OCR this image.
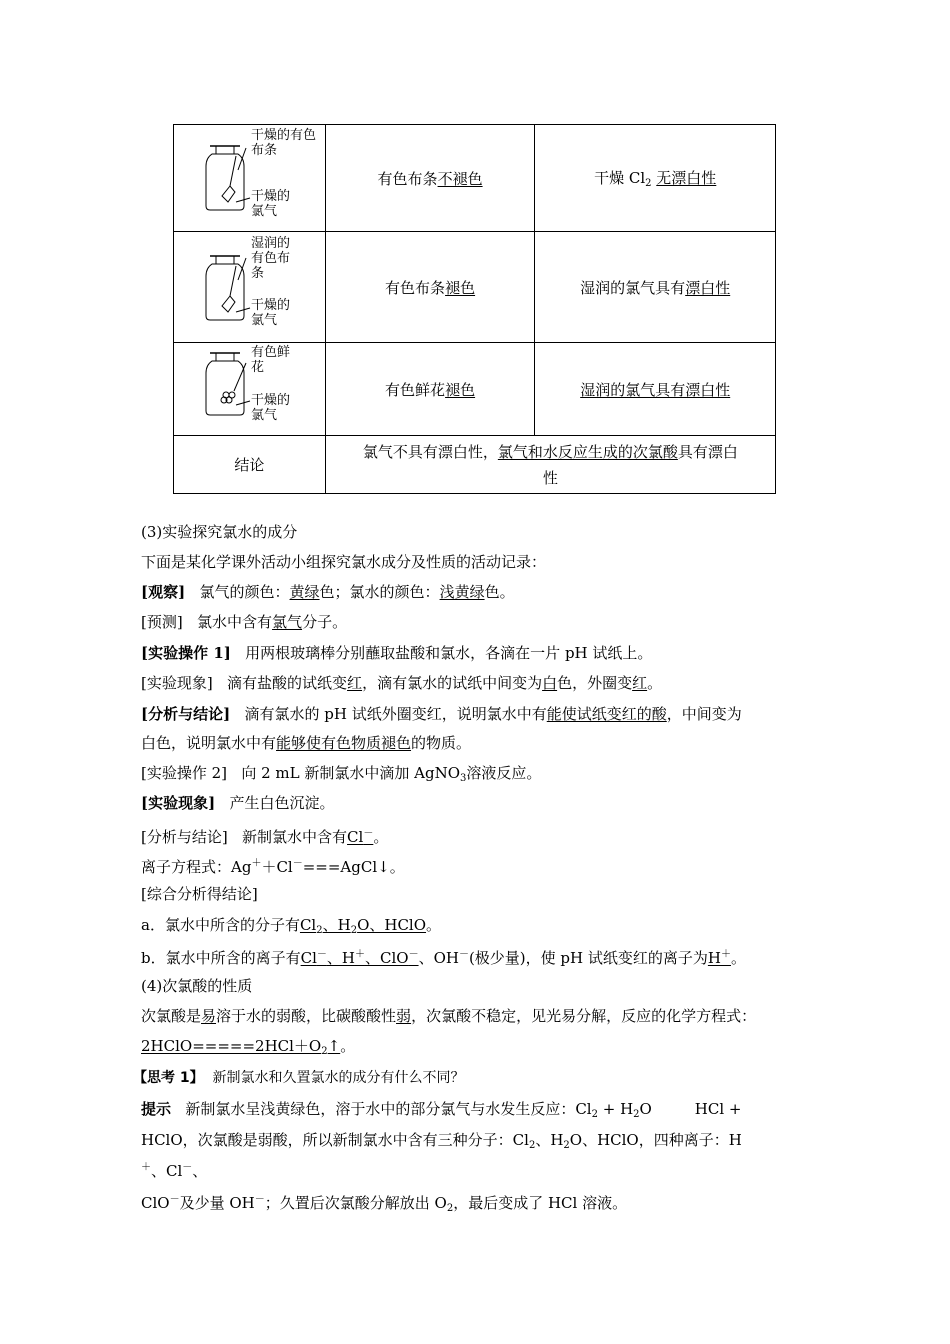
干燥的有色布条
干燥的氯气	有色布条不褪色	干燥 $Cl_2$ 无漂白性

湿润的有色布条
干燥的氯气	有色布条褪色	湿润的氯气具有漂白性

有色鲜花
干燥的氯气	有色鲜花褪色	湿润的氯气具有漂白性
结论	氯气不具有漂白性，氯气和水反应生成的次氯酸具有漂白
性	
(3)实验探究氯水的成分
下面是某化学课外活动小组探究氯水成分及性质的活动记录：
[观察] 氯气的颜色：黄绿色；氯水的颜色：浅黄绿色。
[预测] 氯水中含有氯气分子。
[实验操作 1] 用两根玻璃棒分别蘸取盐酸和氯水，各滴在一片 pH 试纸上。
[实验现象] 滴有盐酸的试纸变红，滴有氯水的试纸中间变为白色，外圈变红。
[分析与结论] 滴有氯水的 pH 试纸外圈变红，说明氯水中有能使试纸变红的酸，中间变为
白色，说明氯水中有能够使有色物质褪色的物质。
[实验操作 2] 向 2 mL 新制氯水中滴加 AgNO$_3$溶液反应。
[实验现象] 产生白色沉淀。
[分析与结论] 新制氯水中含有Cl－。
离子方程式：Ag＋＋Cl－===AgCl↓。
[综合分析得结论]
a．氯水中所含的分子有$Cl_2$、$H_2O$、HClO。
b．氯水中所含的离子有Cl－、H＋、ClO－、OH－(极少量)，使 pH 试纸变红的离子为H＋。
(4)次氯酸的性质
次氯酸是易溶于水的弱酸，比碳酸酸性弱，次氯酸不稳定，见光易分解，反应的化学方程式：
$2HClO=====2HCl+O_2↑$。
【思考 1】 新制氯水和久置氯水的成分有什么不同？
提示 新制氯水呈浅黄绿色，溶于水中的部分氯气与水发生反应：$Cl_2 + H_2O$	HCl +
HClO，次氯酸是弱酸，所以新制氯水中含有三种分子：$Cl_2$、$H_2O$、HClO，四种离子：H
＋、Cl－、
ClO－及少量 OH－；久置后次氯酸分解放出 $O_2$，最后变成了 HCl 溶液。
